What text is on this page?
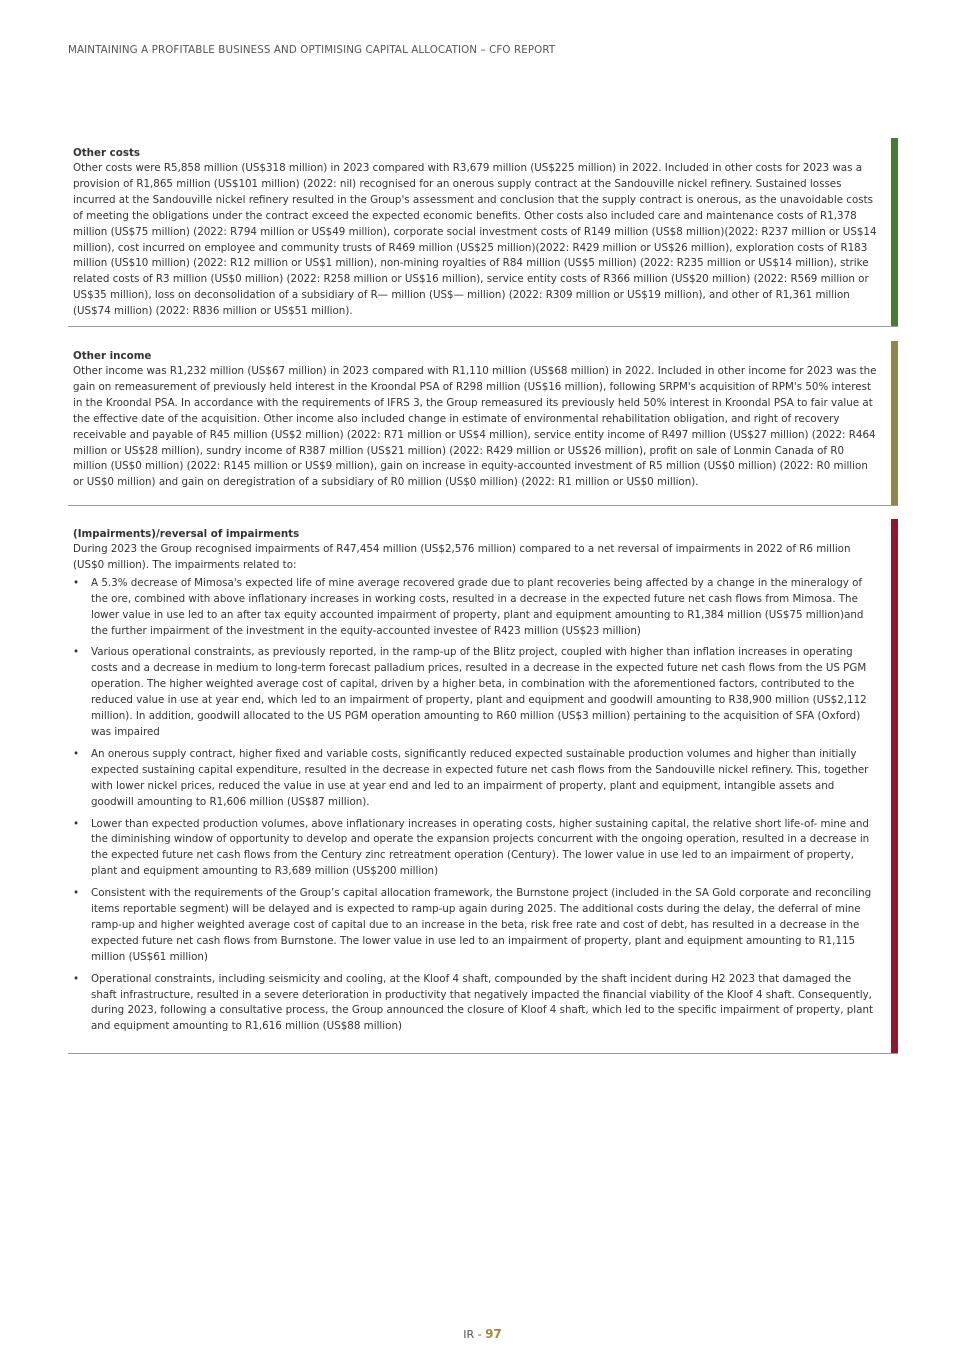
MAINTAINING A PROFITABLE BUSINESS AND OPTIMISING CAPITAL ALLOCATION – CFO REPORT
Other costs

Other costs were R5,858 million (US$318 million) in 2023 compared with R3,679 million (US$225 million) in 2022. Included in other costs for 2023 was a provision of R1,865 million (US$101 million) (2022: nil) recognised for an onerous supply contract at the Sandouville nickel refinery. Sustained losses incurred at the Sandouville nickel refinery resulted in the Group's assessment and conclusion that the supply contract is onerous, as the unavoidable costs of meeting the obligations under the contract exceed the expected economic benefits. Other costs also included care and maintenance costs of R1,378 million (US$75 million) (2022: R794 million or US$49 million), corporate social investment costs of R149 million (US$8 million)(2022: R237 million or US$14 million), cost incurred on employee and community trusts of R469 million (US$25 million)(2022: R429 million or US$26 million), exploration costs of R183 million (US$10 million) (2022: R12 million or US$1 million), non-mining royalties of R84 million (US$5 million) (2022: R235 million or US$14 million), strike related costs of R3 million (US$0 million) (2022: R258 million or US$16 million), service entity costs of R366 million (US$20 million) (2022: R569 million or US$35 million), loss on deconsolidation of a subsidiary of R— million (US$— million) (2022: R309 million or US$19 million), and other of R1,361 million (US$74 million) (2022: R836 million or US$51 million).

Other income

Other income was R1,232 million (US$67 million) in 2023 compared with R1,110 million (US$68 million) in 2022. Included in other income for 2023 was the gain on remeasurement of previously held interest in the Kroondal PSA of R298 million (US$16 million), following SRPM's acquisition of RPM's 50% interest in the Kroondal PSA. In accordance with the requirements of IFRS 3, the Group remeasured its previously held 50% interest in Kroondal PSA to fair value at the effective date of the acquisition. Other income also included change in estimate of environmental rehabilitation obligation, and right of recovery receivable and payable of R45 million (US$2 million) (2022: R71 million or US$4 million), service entity income of R497 million (US$27 million) (2022: R464 million or US$28 million), sundry income of R387 million (US$21 million) (2022: R429 million or US$26 million), profit on sale of Lonmin Canada of R0 million (US$0 million) (2022: R145 million or US$9 million), gain on increase in equity-accounted investment of R5 million (US$0 million) (2022: R0 million or US$0 million) and gain on deregistration of a subsidiary of R0 million (US$0 million) (2022: R1 million or US$0 million).

(Impairments)/reversal of impairments

During 2023 the Group recognised impairments of R47,454 million (US$2,576 million) compared to a net reversal of impairments in 2022 of R6 million (US$0 million). The impairments related to:

• A 5.3% decrease of Mimosa's expected life of mine average recovered grade due to plant recoveries being affected by a change in the mineralogy of the ore, combined with above inflationary increases in working costs, resulted in a decrease in the expected future net cash flows from Mimosa. The lower value in use led to an after tax equity accounted impairment of property, plant and equipment amounting to R1,384 million (US$75 million)and the further impairment of the investment in the equity-accounted investee of R423 million (US$23 million)
• Various operational constraints, as previously reported, in the ramp-up of the Blitz project, coupled with higher than inflation increases in operating costs and a decrease in medium to long-term forecast palladium prices, resulted in a decrease in the expected future net cash flows from the US PGM operation. The higher weighted average cost of capital, driven by a higher beta, in combination with the aforementioned factors, contributed to the reduced value in use at year end, which led to an impairment of property, plant and equipment and goodwill amounting to R38,900 million (US$2,112 million). In addition, goodwill allocated to the US PGM operation amounting to R60 million (US$3 million) pertaining to the acquisition of SFA (Oxford) was impaired
• An onerous supply contract, higher fixed and variable costs, significantly reduced expected sustainable production volumes and higher than initially expected sustaining capital expenditure, resulted in the decrease in expected future net cash flows from the Sandouville nickel refinery. This, together with lower nickel prices, reduced the value in use at year end and led to an impairment of property, plant and equipment, intangible assets and goodwill amounting to R1,606 million (US$87 million).
• Lower than expected production volumes, above inflationary increases in operating costs, higher sustaining capital, the relative short life-of- mine and the diminishing window of opportunity to develop and operate the expansion projects concurrent with the ongoing operation, resulted in a decrease in the expected future net cash flows from the Century zinc retreatment operation (Century). The lower value in use led to an impairment of property, plant and equipment amounting to R3,689 million (US$200 million)
• Consistent with the requirements of the Group’s capital allocation framework, the Burnstone project (included in the SA Gold corporate and reconciling items reportable segment) will be delayed and is expected to ramp-up again during 2025. The additional costs during the delay, the deferral of mine ramp-up and higher weighted average cost of capital due to an increase in the beta, risk free rate and cost of debt, has resulted in a decrease in the expected future net cash flows from Burnstone. The lower value in use led to an impairment of property, plant and equipment amounting to R1,115 million (US$61 million)
• Operational constraints, including seismicity and cooling, at the Kloof 4 shaft, compounded by the shaft incident during H2 2023 that damaged the shaft infrastructure, resulted in a severe deterioration in productivity that negatively impacted the financial viability of the Kloof 4 shaft. Consequently, during 2023, following a consultative process, the Group announced the closure of Kloof 4 shaft, which led to the specific impairment of property, plant and equipment amounting to R1,616 million (US$88 million)
IR - 97
